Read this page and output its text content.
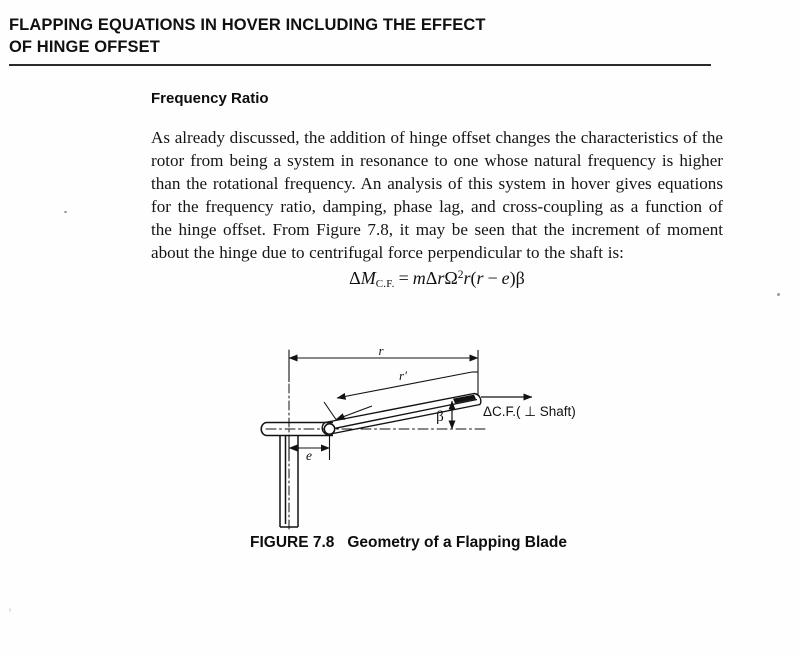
FLAPPING EQUATIONS IN HOVER INCLUDING THE EFFECT
OF HINGE OFFSET
Frequency Ratio
As already discussed, the addition of hinge offset changes the characteristics of the rotor from being a system in resonance to one whose natural frequency is higher than the rotational frequency. An analysis of this system in hover gives equations for the frequency ratio, damping, phase lag, and cross-coupling as a function of the hinge offset. From Figure 7.8, it may be seen that the increment of moment about the hinge due to centrifugal force perpendicular to the shaft is:
$\Delta M_{C.F.} = m\Delta r\Omega^2r(r - e)\beta$
r
r′
e
β	ΔC.F.( ⊥ Shaft)
FIGURE 7.8 Geometry of a Flapping Blade
